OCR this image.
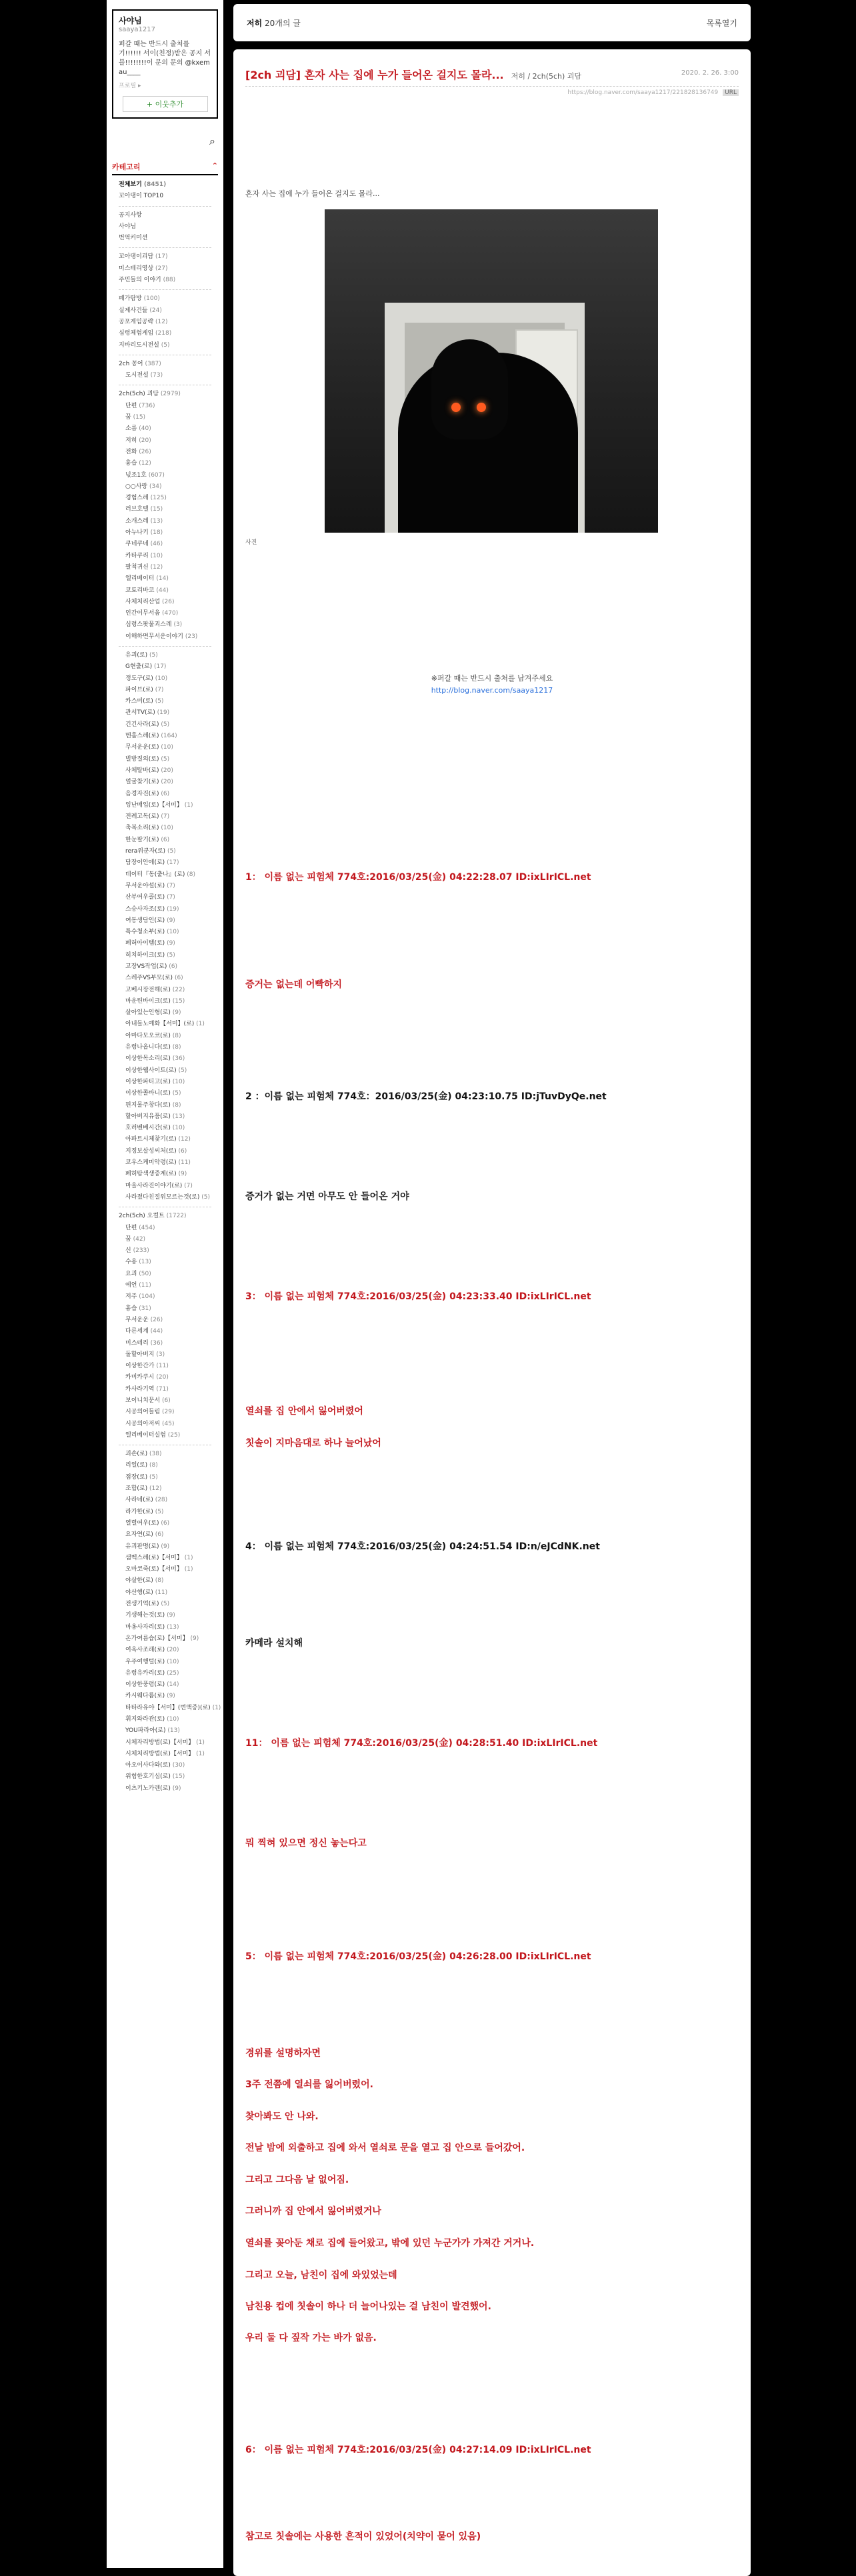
사야님
saaya1217
퍼갈 때는 반드시 출처를 기!!!!!! 서이(친정)받은 공지 서블!!!!!!!!이 문의 문의 @kxemau____
프로필 ▸
+ 이웃추가
⌕
카테고리	⌃
전체보기 (8451)
꼬아댕이 TOP10
공지사항
사야님
번역커미션
꼬아댕이괴담 (17)
미스테리영상 (27)
주민들의 이야기 (88)
페가탐방 (100)
실제사건들 (24)
공포게임공략 (12)
심령체험게임 (218)
지바리도시전설 (5)
2ch 꽁어 (387)
도시전설 (73)
2ch(5ch) 괴담 (2979)
단편 (736)
꿈 (15)
소름 (40)
저히 (20)
전화 (26)
흉습 (12)
넋조1호 (607)
○○사랑 (34)
경험스레 (125)
러브호텔 (15)
소개스레 (13)
아누나키 (18)
쿠네쿠네 (46)
카타쿠리 (10)
팔척귀신 (12)
엘리베이터 (14)
코토리바코 (44)
사체처리산업 (26)
인간이무서움 (470)
심령스팟물괴스레 (3)
이해하면무서운이야기 (23)
유괴(로) (5)
G현출(로) (17)
정도구(로) (10)
파이브(로) (7)
카스미(로) (5)
관서TV(로) (19)
긴긴사라(로) (5)
멘홀스레(로) (164)
무서운운(로) (10)
벌방질의(로) (5)
사체탈바(로) (20)
얼굴찾기(로) (20)
음경자진(로) (6)
잉난매입(로)【서미】 (1)
전례고독(로) (7)
축복소리(로) (10)
한눈팔기(로) (6)
rera위쿤자(로) (5)
담장이안에(로) (17)
데이터『동(출나』(로) (8)
무서운야설(로) (7)
산부여우콜(로) (7)
스승사자조(로) (19)
여동생담인(로) (9)
특수청소부(로) (10)
폐허아이템(로) (9)
히치하이크(로) (5)
고장VS작업(로) (6)
스레주VS부모(로) (6)
고베시장전해(로) (22)
마운틴바이크(로) (15)
살아있는인형(로) (9)
아내들노예화【서미】(로) (1)
아마다모오코(로) (8)
유령나옵니다(로) (8)
이상한목소리(로) (36)
이상한웹사이트(로) (5)
이상한파티고(로) (10)
이상한쫄바니(로) (5)
편지물주창다(로) (8)
할아버지유품(로) (13)
호러벤베시간(로) (10)
아파트시체찾기(로) (12)
지정보살성씨처(로) (6)
코우스케미악령(로) (11)
폐허탐색생중계(로) (9)
마을사라진이야기(로) (7)
사라졌다친절위모르는것(로) (5)
2ch(5ch) 오컬트 (1722)
단편 (454)
꿈 (42)
신 (233)
수용 (13)
요괴 (50)
예언 (11)
저주 (104)
흉습 (31)
무서운운 (26)
다른세계 (44)
미스테리 (36)
돌할아버지 (3)
이상한간가 (11)
카미카쿠시 (20)
카사라기역 (71)
보이니치문서 (6)
시공의어들림 (29)
시공의아저씨 (45)
엘리베이터실험 (25)
괴손(로) (38)
리얼(로) (8)
점장(로) (5)
조합(로) (12)
사라네(로) (28)
라가한(로) (5)
열렬여우(로) (6)
요자연(로) (6)
유괴판명(로) (9)
샘벡스레(로)【서미】 (1)
오마코죽(로)【서미】 (1)
야살한(로) (8)
야산행(로) (11)
전생기억(로) (5)
기생해는것(로) (9)
마옹사자리(로) (13)
온가여름습(로)【서미】 (9)
여옥사조래(로) (20)
우주여행털(로) (10)
유령유카리(로) (25)
이상한풍렴(로) (14)
카시웨다름(로) (9)
타타라유야【서미】(변액중)(로) (1)
휘지와라관(로) (10)
YOU파라아(로) (13)
시체자리방법(로)【서미】 (1)
시체처리방법(로)【서미】 (1)
아오이사다와(로) (30)
위험한호기심(로) (15)
이츠키노카렌(로) (9)
저히 20개의 글	목록열기
[2ch 괴담] 혼자 사는 집에 누가 들어온 걸지도 몰라... 저히 / 2ch(5ch) 괴담	2020. 2. 26. 3:00
https://blog.naver.com/saaya1217/221828136749 URL
혼자 사는 집에 누가 들어온 걸지도 몰라...
사진
※퍼갈 때는 반드시 출처를 남겨주세요
http://blog.naver.com/saaya1217
1： 이름 없는 피험체 774호:2016/03/25(金) 04:22:28.07 ID:ixLIrICL.net
증거는 없는데 어빡하지
2 ：이름 없는 피험체 774호：2016/03/25(金) 04:23:10.75 ID:jTuvDyQe.net
증거가 없는 거면 아무도 안 들어온 거야
3： 이름 없는 피험체 774호:2016/03/25(金) 04:23:33.40 ID:ixLIrICL.net
열쇠를 집 안에서 잃어버렸어
칫솔이 지마음대로 하나 늘어났어
4： 이름 없는 피험체 774호:2016/03/25(金) 04:24:51.54 ID:n/eJCdNK.net
카메라 설치해
11： 이름 없는 피험체 774호:2016/03/25(金) 04:28:51.40 ID:ixLIrICL.net
뭐 찍혀 있으면 정신 놓는다고
5： 이름 없는 피험체 774호:2016/03/25(金) 04:26:28.00 ID:ixLIrICL.net
경위를 설명하자면
3주 전쯤에 열쇠를 잃어버렸어.
찾아봐도 안 나와.
전날 밤에 외출하고 집에 와서 열쇠로 문을 열고 집 안으로 들어갔어.
그리고 그다음 날 없어짐.
그러니까 집 안에서 잃어버렸거나
열쇠를 꽂아둔 채로 집에 들어왔고, 밖에 있던 누군가가 가져간 거거나.
그리고 오늘, 남친이 집에 와있었는데
남친용 컵에 칫솔이 하나 더 늘어나있는 걸 남친이 발견했어.
우리 둘 다 짚작 가는 바가 없음.
6： 이름 없는 피험체 774호:2016/03/25(金) 04:27:14.09 ID:ixLIrICL.net
참고로 칫솔에는 사용한 흔적이 있었어(치약이 묻어 있음)
